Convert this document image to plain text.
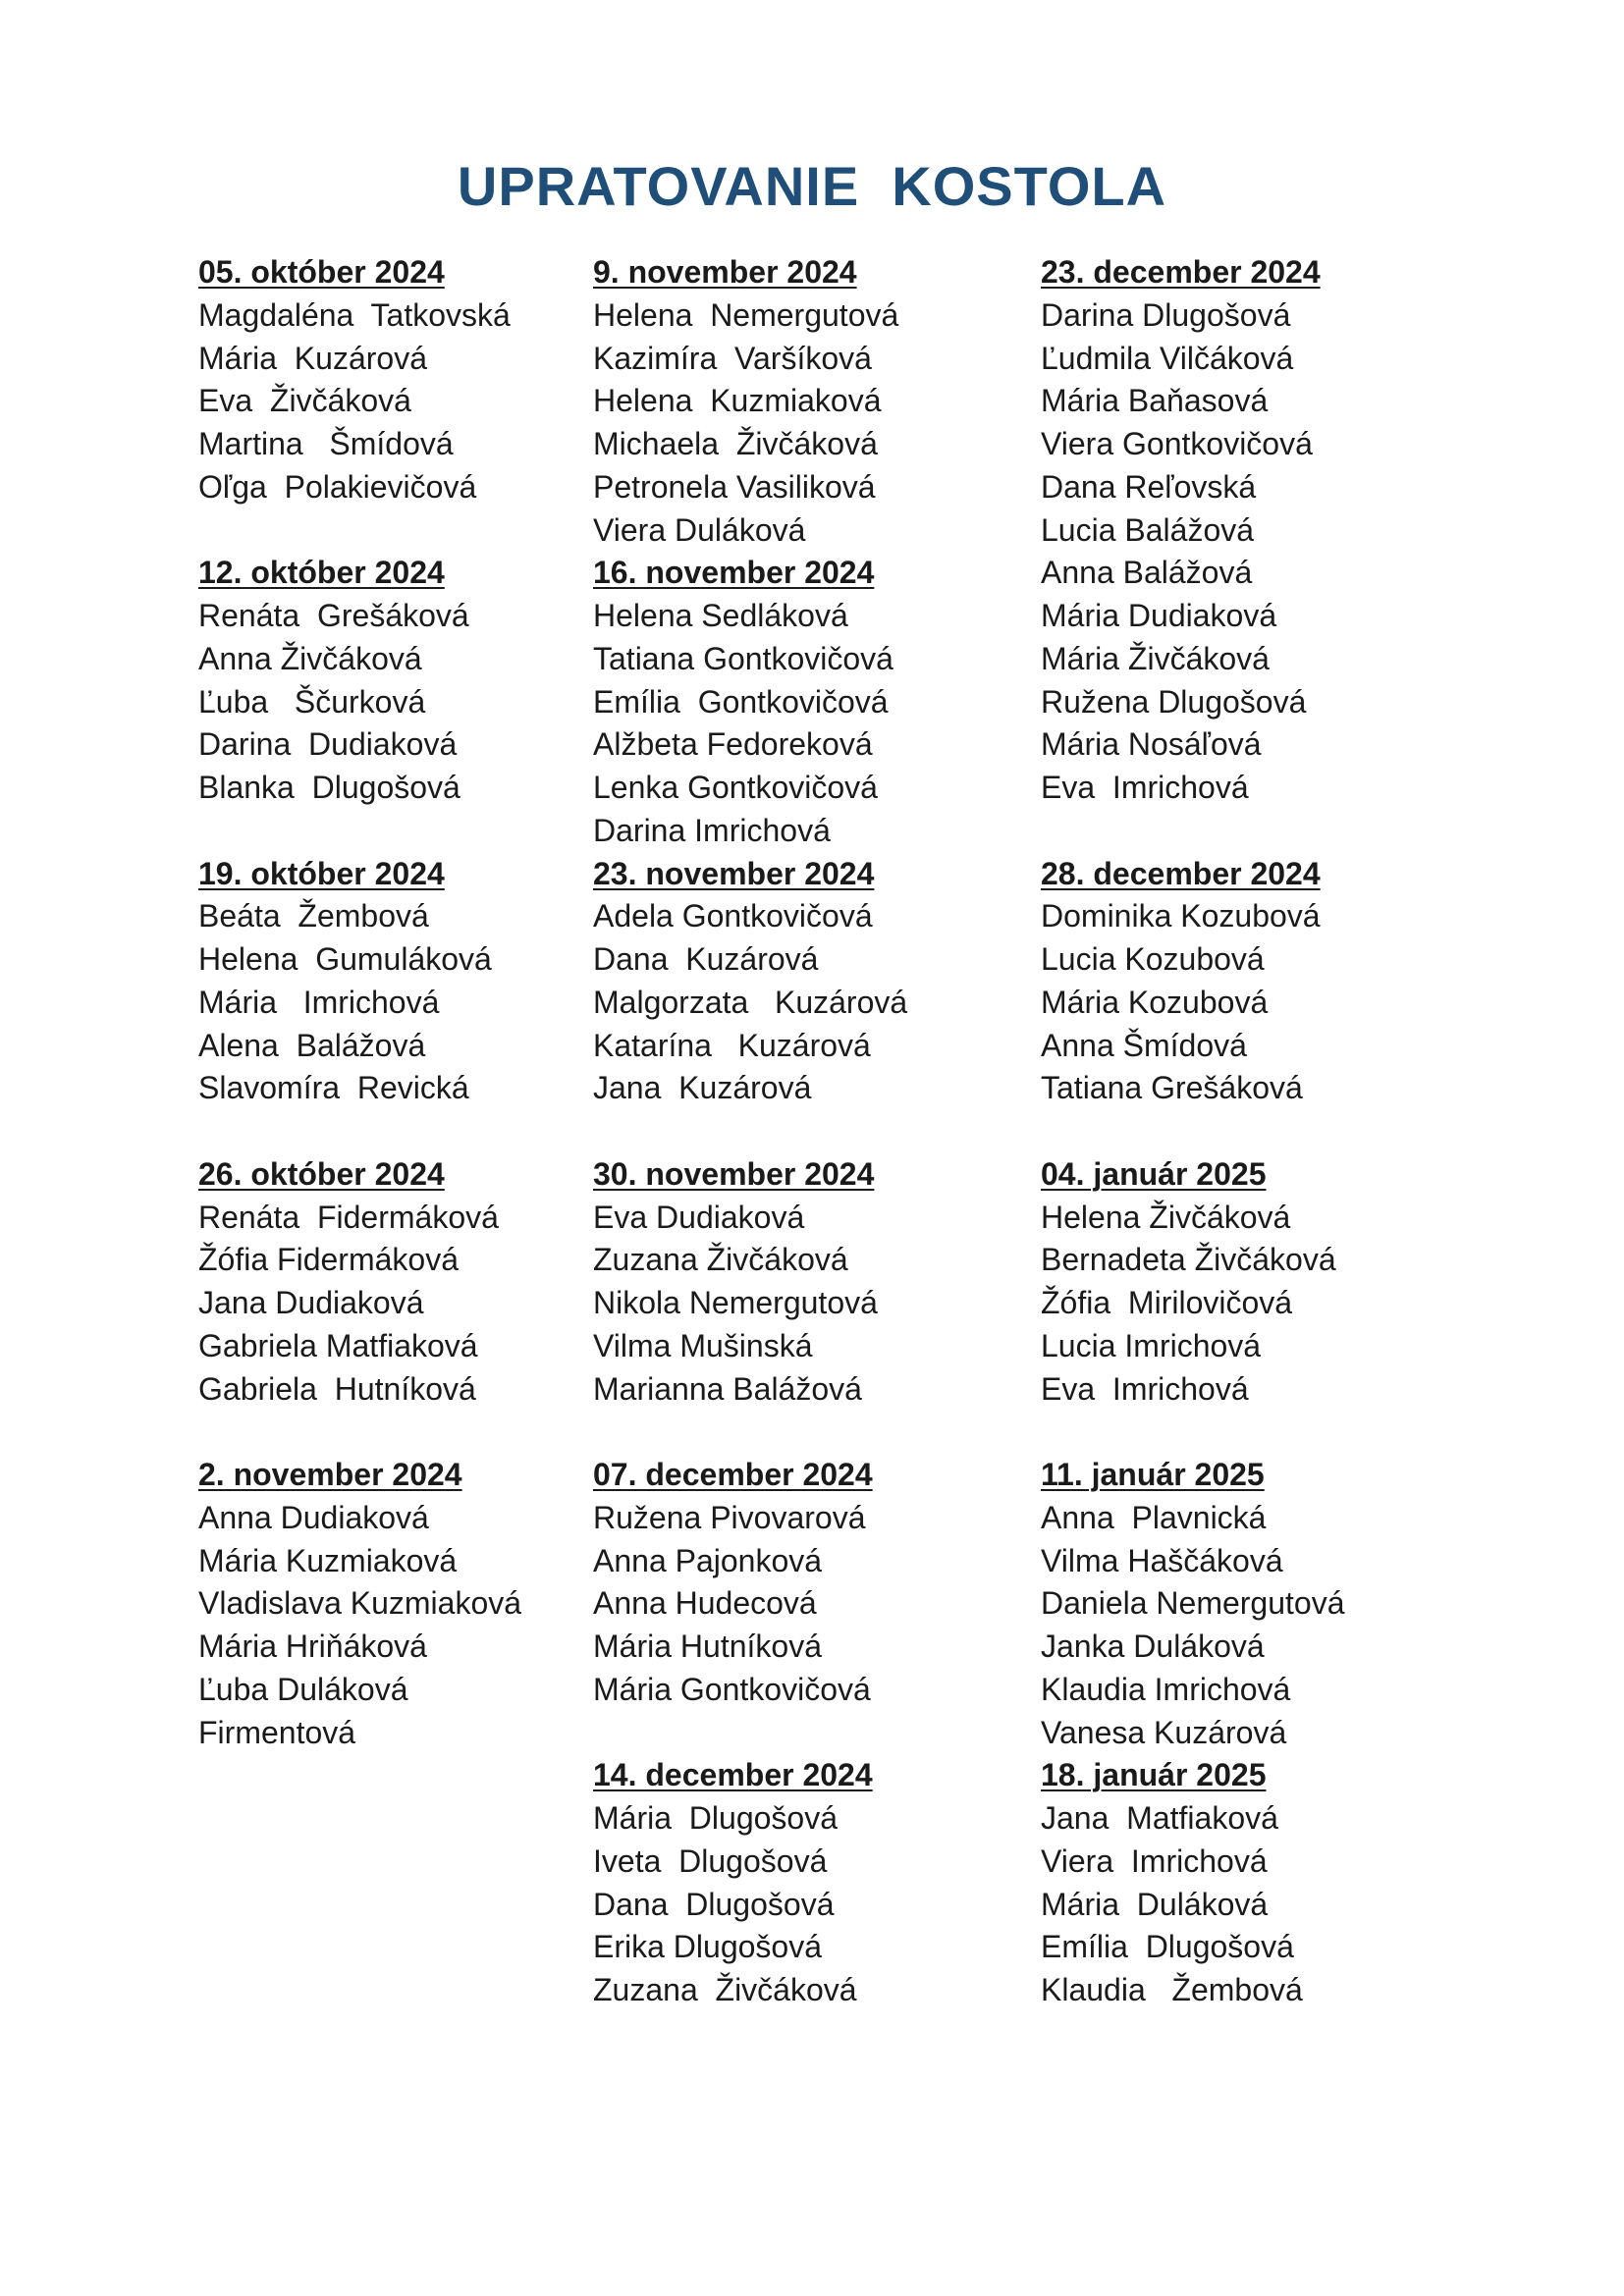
UPRATOVANIE  KOSTOLA
05. október 2024
Magdaléna  Tatkovská
Mária  Kuzárová
Eva  Živčáková
Martina   Šmídová
Oľga  Polakievičová
12. október 2024
Renáta  Grešáková
Anna Živčáková
Ľuba   Ščurková
Darina  Dudiaková
Blanka  Dlugošová
19. október 2024
Beáta  Žembová
Helena  Gumuláková
Mária   Imrichová
Alena  Balážová
Slavomíra  Revická
26. október 2024
Renáta  Fidermáková
Žófia Fidermáková
Jana Dudiaková
Gabriela Matfiaková
Gabriela  Hutníková
2. november 2024
Anna Dudiaková
Mária Kuzmiaková
Vladislava Kuzmiaková
Mária Hriňáková
Ľuba Duláková
Firmentová
9. november 2024
Helena  Nemergutová
Kazimíra  Varšíková
Helena  Kuzmiaková
Michaela  Živčáková
Petronela Vasiliková
Viera Duláková
16. november 2024
Helena Sedláková
Tatiana Gontkovičová
Emília  Gontkovičová
Alžbeta Fedoreková
Lenka Gontkovičová
Darina Imrichová
23. november 2024
Adela Gontkovičová
Dana  Kuzárová
Malgorzata   Kuzárová
Katarína   Kuzárová
Jana  Kuzárová
30. november 2024
Eva Dudiaková
Zuzana Živčáková
Nikola Nemergutová
Vilma Mušinská
Marianna Balážová
07. december 2024
Ružena Pivovarová
Anna Pajonková
Anna Hudecová
Mária Hutníková
Mária Gontkovičová
14. december 2024
Mária  Dlugošová
Iveta  Dlugošová
Dana  Dlugošová
Erika Dlugošová
Zuzana  Živčáková
23. december 2024
Darina Dlugošová
Ľudmila Vilčáková
Mária Baňasová
Viera Gontkovičová
Dana Reľovská
Lucia Balážová
Anna Balážová
Mária Dudiaková
Mária Živčáková
Ružena Dlugošová
Mária Nosáľová
Eva  Imrichová
28. december 2024
Dominika Kozubová
Lucia Kozubová
Mária Kozubová
Anna Šmídová
Tatiana Grešáková
04. január 2025
Helena Živčáková
Bernadeta Živčáková
Žófia  Mirilovičová
Lucia Imrichová
Eva  Imrichová
11. január 2025
Anna  Plavnická
Vilma Haščáková
Daniela Nemergutová
Janka Duláková
Klaudia Imrichová
Vanesa Kuzárová
18. január 2025
Jana  Matfiaková
Viera  Imrichová
Mária  Duláková
Emília  Dlugošová
Klaudia   Žembová
